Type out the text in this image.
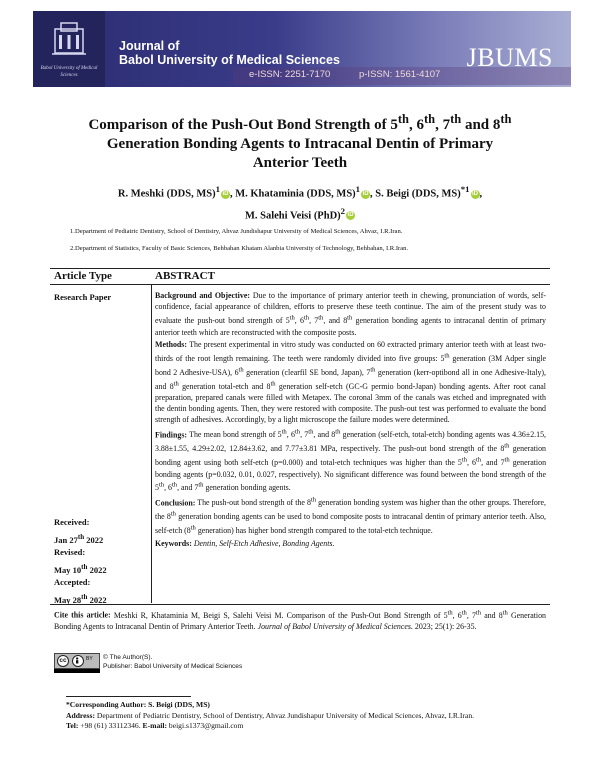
Babol University of Medical Sciences
Journal of
Babol University of Medical Sciences	JBUMS
e-ISSN: 2251-7170	p-ISSN: 1561-4107
Comparison of the Push-Out Bond Strength of 5th, 6th, 7th and 8th
Generation Bonding Agents to Intracanal Dentin of Primary
Anterior Teeth
R. Meshki (DDS, MS)$^1$ iD , M. Khataminia (DDS, MS)$^1$ iD , S. Beigi (DDS, MS)$^{*1}$ iD ,
M. Salehi Veisi (PhD)$^2$ iD
1.Department of Pediatric Dentistry, School of Dentistry, Ahvaz Jundishapur University of Medical Sciences, Ahvaz, I.R.Iran.
2.Department of Statistics, Faculty of Basic Sciences, Behbahan Khatam Alanbia University of Technology, Behbahan, I.R.Iran.
Article Type	ABSTRACT
Research Paper
Received:
Jan 27th 2022
Revised:
May 10th 2022
Accepted:
May 28th 2022

Background and Objective: Due to the importance of primary anterior teeth in chewing, pronunciation of words, self-confidence, facial appearance of children, efforts to preserve these teeth continue. The aim of the present study was to evaluate the push-out bond strength of 5th, 6th, 7th, and 8th generation bonding agents to intracanal dentin of primary anterior teeth which are reconstructed with the composite posts.

Methods: The present experimental in vitro study was conducted on 60 extracted primary anterior teeth with at least two-thirds of the root length remaining. The teeth were randomly divided into five groups: 5th generation (3M Adper single bond 2 Adhesive-USA), 6th generation (clearfil SE bond, Japan), 7th generation (kerr-optibond all in one Adhesive-Italy), and 8th generation total-etch and 8th generation self-etch (GC-G permio bond-Japan) bonding agents. After root canal preparation, prepared canals were filled with Metapex. The coronal 3mm of the canals was etched and impregnated with the dentin bonding agents. Then, they were restored with composite. The push-out test was performed to evaluate the bond strength of adhesives. Accordingly, by a light microscope the failure modes were determined.

Findings: The mean bond strength of 5th, 6th, 7th, and 8th generation (self-etch, total-etch) bonding agents was 4.36±2.15, 3.88±1.55, 4.29±2.02, 12.84±3.62, and 7.77±3.81 MPa, respectively. The push-out bond strength of the 8th generation bonding agent using both self-etch (p=0.000) and total-etch techniques was higher than the 5th, 6th, and 7th generation bonding agents (p=0.032, 0.01, 0.027, respectively). No significant difference was found between the bond strength of the 5th, 6th, and 7th generation bonding agents.

Conclusion: The push-out bond strength of the 8th generation bonding system was higher than the other groups. Therefore, the 8th generation bonding agents can be used to bond composite posts to intracanal dentin of primary anterior teeth. Also, self-etch (8th generation) has higher bond strength compared to the total-etch technique.

Keywords: Dentin, Self-Etch Adhesive, Bonding Agents.

Cite this article: Meshki R, Khataminia M, Beigi S, Salehi Veisi M. Comparison of the Push-Out Bond Strength of 5th, 6th, 7th and 8th Generation Bonding Agents to Intracanal Dentin of Primary Anterior Teeth. Journal of Babol University of Medical Sciences. 2023; 25(1): 26-35.
cc	BY © The Author(S).
Publisher: Babol University of Medical Sciences
*Corresponding Author: S. Beigi (DDS, MS)
Address: Department of Pediatric Dentistry, School of Dentistry, Ahvaz Jundishapur University of Medical Sciences, Ahvaz, I.R.Iran.
Tel: +98 (61) 33112346. E-mail: beigi.s1373@gmail.com
